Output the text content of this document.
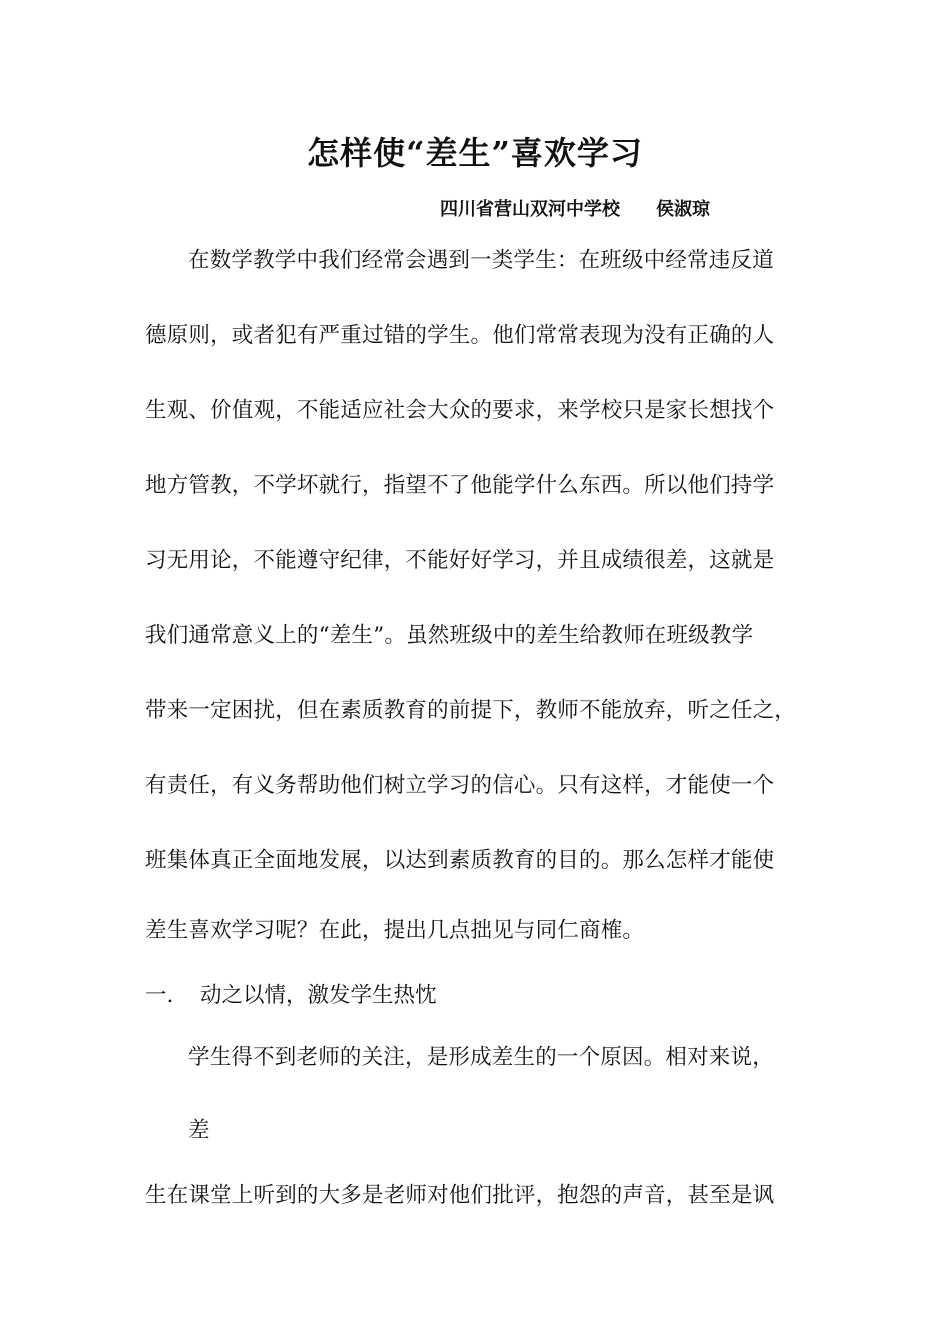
怎样使“差生”喜欢学习
四川省营山双河中学校 侯淑琼
在数学教学中我们经常会遇到一类学生：在班级中经常违反道
德原则，或者犯有严重过错的学生。他们常常表现为没有正确的人
生观、价值观，不能适应社会大众的要求，来学校只是家长想找个
地方管教，不学坏就行，指望不了他能学什么东西。所以他们持学
习无用论，不能遵守纪律，不能好好学习，并且成绩很差，这就是
我们通常意义上的“差生”。虽然班级中的差生给教师在班级教学
带来一定困扰，但在素质教育的前提下，教师不能放弃，听之任之，
有责任，有义务帮助他们树立学习的信心。只有这样，才能使一个
班集体真正全面地发展，以达到素质教育的目的。那么怎样才能使
差生喜欢学习呢？在此，提出几点拙见与同仁商榷。
一. 动之以情，激发学生热忱
学生得不到老师的关注，是形成差生的一个原因。相对来说，
差
生在课堂上听到的大多是老师对他们批评，抱怨的声音，甚至是讽
